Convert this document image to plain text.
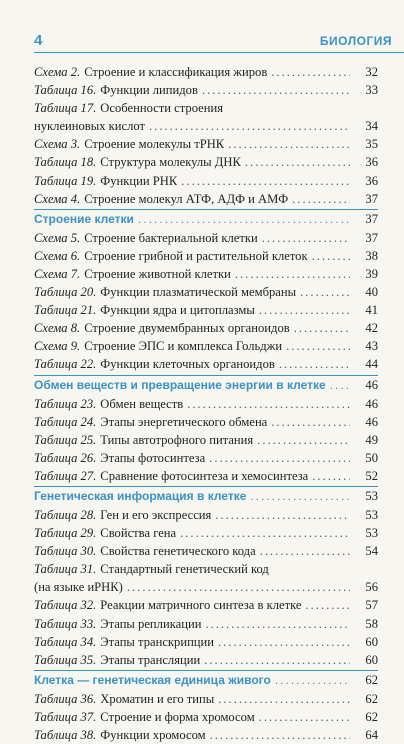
4	БИОЛОГИЯ
Схема 2. Строение и классификация жиров .....	32
Таблица 16. Функции липидов .....	33
Таблица 17. Особенности строения
нуклеиновых кислот .....	34
Схема 3. Строение молекулы тРНК .....	35
Таблица 18. Структура молекулы ДНК .....	36
Таблица 19. Функции РНК .....	36
Схема 4. Строение молекул АТФ, АДФ и АМФ .....	37
Строение клетки .....	37
Схема 5. Строение бактериальной клетки .....	37
Схема 6. Строение грибной и растительной клеток .....	38
Схема 7. Строение животной клетки .....	39
Таблица 20. Функции плазматической мембраны .....	40
Таблица 21. Функции ядра и цитоплазмы .....	41
Схема 8. Строение двумембранных органоидов .....	42
Схема 9. Строение ЭПС и комплекса Гольджи .....	43
Таблица 22. Функции клеточных органоидов .....	44
Обмен веществ и превращение энергии в клетке .....	46
Таблица 23. Обмен веществ .....	46
Таблица 24. Этапы энергетического обмена .....	46
Таблица 25. Типы автотрофного питания .....	49
Таблица 26. Этапы фотосинтеза .....	50
Таблица 27. Сравнение фотосинтеза и хемосинтеза .....	52
Генетическая информация в клетке .....	53
Таблица 28. Ген и его экспрессия .....	53
Таблица 29. Свойства гена .....	53
Таблица 30. Свойства генетического кода .....	54
Таблица 31. Стандартный генетический код
(на языке иРНК) .....	56
Таблица 32. Реакции матричного синтеза в клетке .....	57
Таблица 33. Этапы репликации .....	58
Таблица 34. Этапы транскрипции .....	60
Таблица 35. Этапы трансляции .....	60
Клетка — генетическая единица живого .....	62
Таблица 36. Хроматин и его типы .....	62
Таблица 37. Строение и форма хромосом .....	62
Таблица 38. Функции хромосом .....	64
